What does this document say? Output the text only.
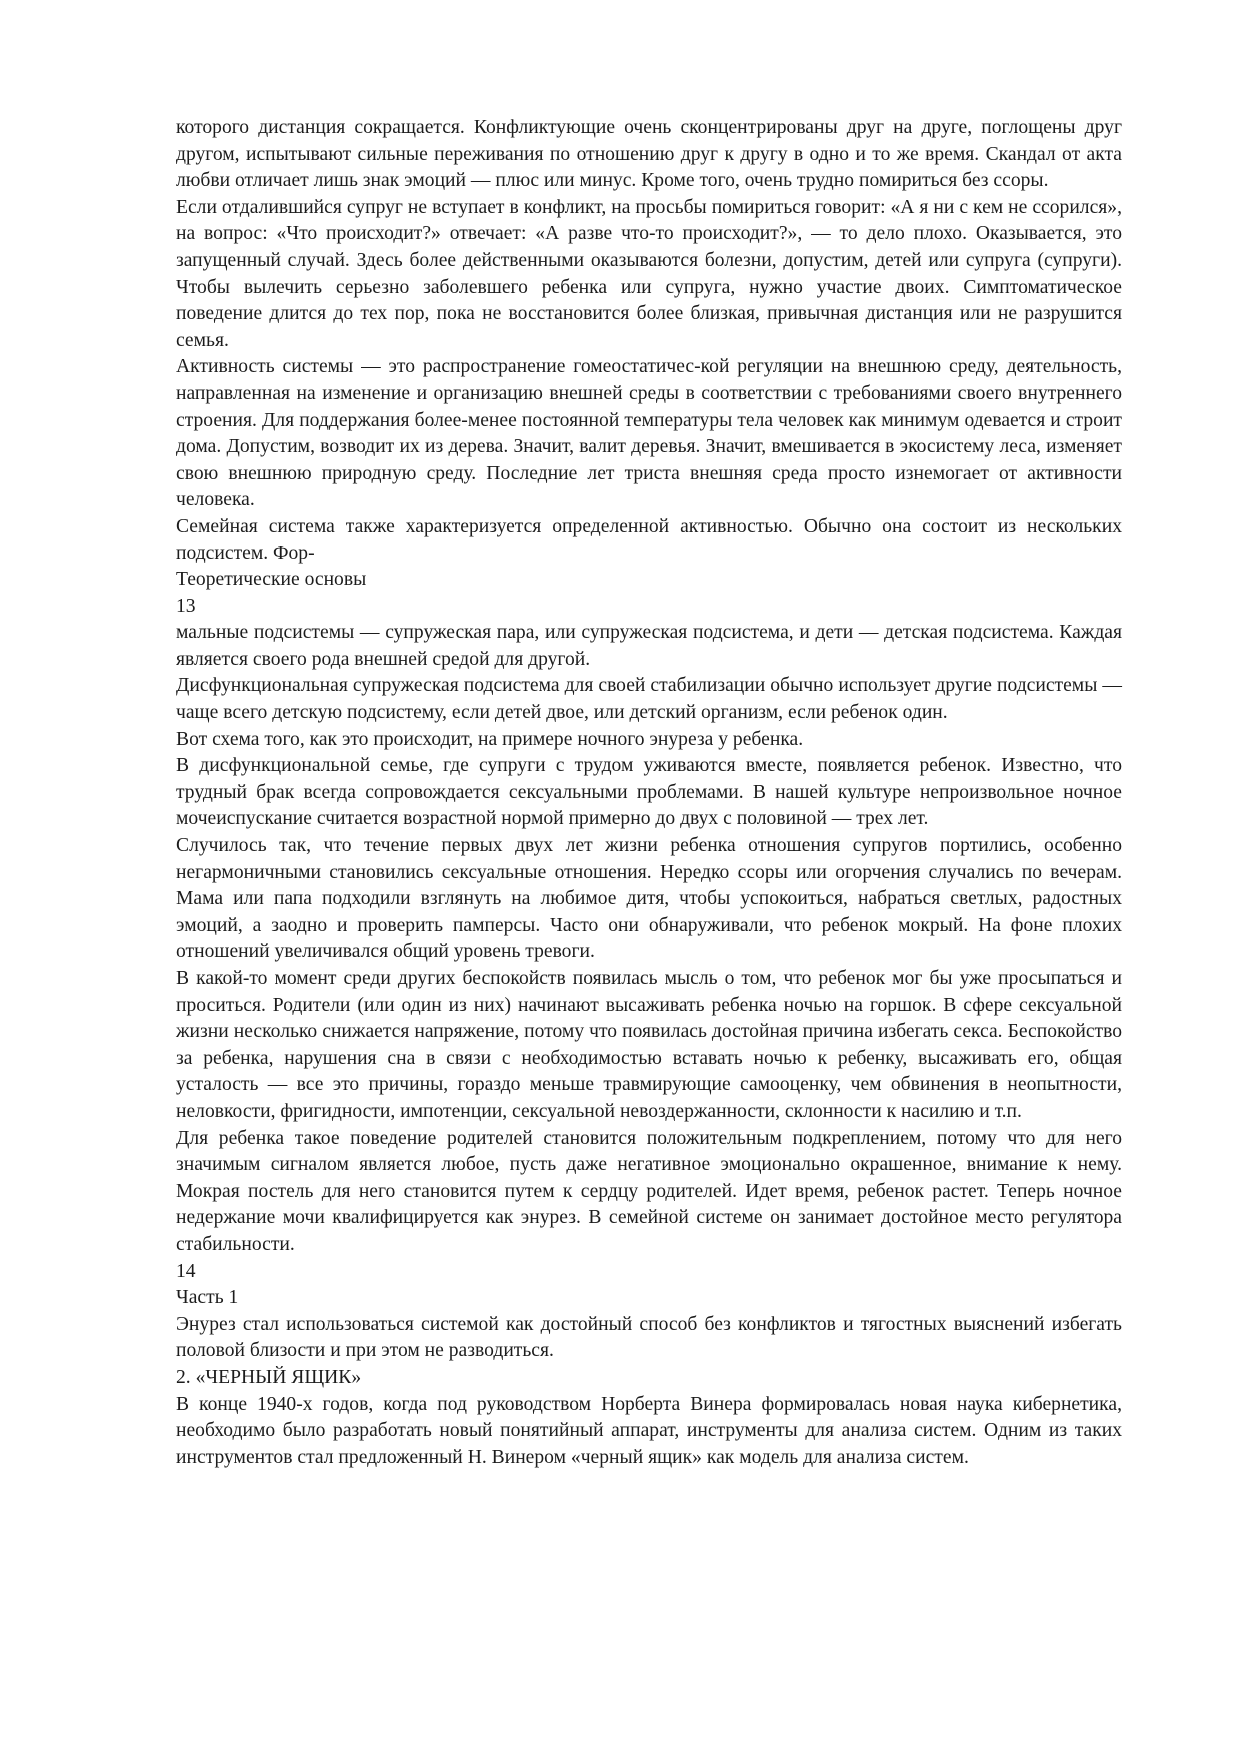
которого дистанция сокращается. Конфликтующие очень сконцентрированы друг на друге, поглощены друг другом, испытывают сильные переживания по отношению друг к другу в одно и то же время. Скандал от акта любви отличает лишь знак эмоций — плюс или минус. Кроме того, очень трудно помириться без ссоры.

Если отдалившийся супруг не вступает в конфликт, на просьбы помириться говорит: «А я ни с кем не ссорился», на вопрос: «Что происходит?» отвечает: «А разве что-то происходит?», — то дело плохо. Оказывается, это запущенный случай. Здесь более действенными оказываются болезни, допустим, детей или супруга (супруги). Чтобы вылечить серьезно заболевшего ребенка или супруга, нужно участие двоих. Симптоматическое поведение длится до тех пор, пока не восстановится более близкая, привычная дистанция или не разрушится семья.

Активность системы — это распространение гомеостатичес-кой регуляции на внешнюю среду, деятельность, направленная на изменение и организацию внешней среды в соответствии с требованиями своего внутреннего строения. Для поддержания более-менее постоянной температуры тела человек как минимум одевается и строит дома. Допустим, возводит их из дерева. Значит, валит деревья. Значит, вмешивается в экосистему леса, изменяет свою внешнюю природную среду. Последние лет триста внешняя среда просто изнемогает от активности человека.

Семейная система также характеризуется определенной активностью. Обычно она состоит из нескольких подсистем. Фор-

Теоретические основы

13

мальные подсистемы — супружеская пара, или супружеская подсистема, и дети — детская подсистема. Каждая является своего рода внешней средой для другой.

Дисфункциональная супружеская подсистема для своей стабилизации обычно использует другие подсистемы — чаще всего детскую подсистему, если детей двое, или детский организм, если ребенок один.

Вот схема того, как это происходит, на примере ночного энуреза у ребенка.

В дисфункциональной семье, где супруги с трудом уживаются вместе, появляется ребенок. Известно, что трудный брак всегда сопровождается сексуальными проблемами. В нашей культуре непроизвольное ночное мочеиспускание считается возрастной нормой примерно до двух с половиной — трех лет.

Случилось так, что течение первых двух лет жизни ребенка отношения супругов портились, особенно негармоничными становились сексуальные отношения. Нередко ссоры или огорчения случались по вечерам. Мама или папа подходили взглянуть на любимое дитя, чтобы успокоиться, набраться светлых, радостных эмоций, а заодно и проверить памперсы. Часто они обнаруживали, что ребенок мокрый. На фоне плохих отношений увеличивался общий уровень тревоги.

В какой-то момент среди других беспокойств появилась мысль о том, что ребенок мог бы уже просыпаться и проситься. Родители (или один из них) начинают высаживать ребенка ночью на горшок. В сфере сексуальной жизни несколько снижается напряжение, потому что появилась достойная причина избегать секса. Беспокойство за ребенка, нарушения сна в связи с необходимостью вставать ночью к ребенку, высаживать его, общая усталость — все это причины, гораздо меньше травмирующие самооценку, чем обвинения в неопытности, неловкости, фригидности, импотенции, сексуальной невоздержанности, склонности к насилию и т.п.

Для ребенка такое поведение родителей становится положительным подкреплением, потому что для него значимым сигналом является любое, пусть даже негативное эмоционально окрашенное, внимание к нему. Мокрая постель для него становится путем к сердцу родителей. Идет время, ребенок растет. Теперь ночное недержание мочи квалифицируется как энурез. В семейной системе он занимает достойное место регулятора стабильности.

14

Часть 1

Энурез стал использоваться системой как достойный способ без конфликтов и тягостных выяснений избегать половой близости и при этом не разводиться.

2. «ЧЕРНЫЙ ЯЩИК»

В конце 1940-х годов, когда под руководством Норберта Винера формировалась новая наука кибернетика, необходимо было разработать новый понятийный аппарат, инструменты для анализа систем. Одним из таких инструментов стал предложенный Н. Винером «черный ящик» как модель для анализа систем.
